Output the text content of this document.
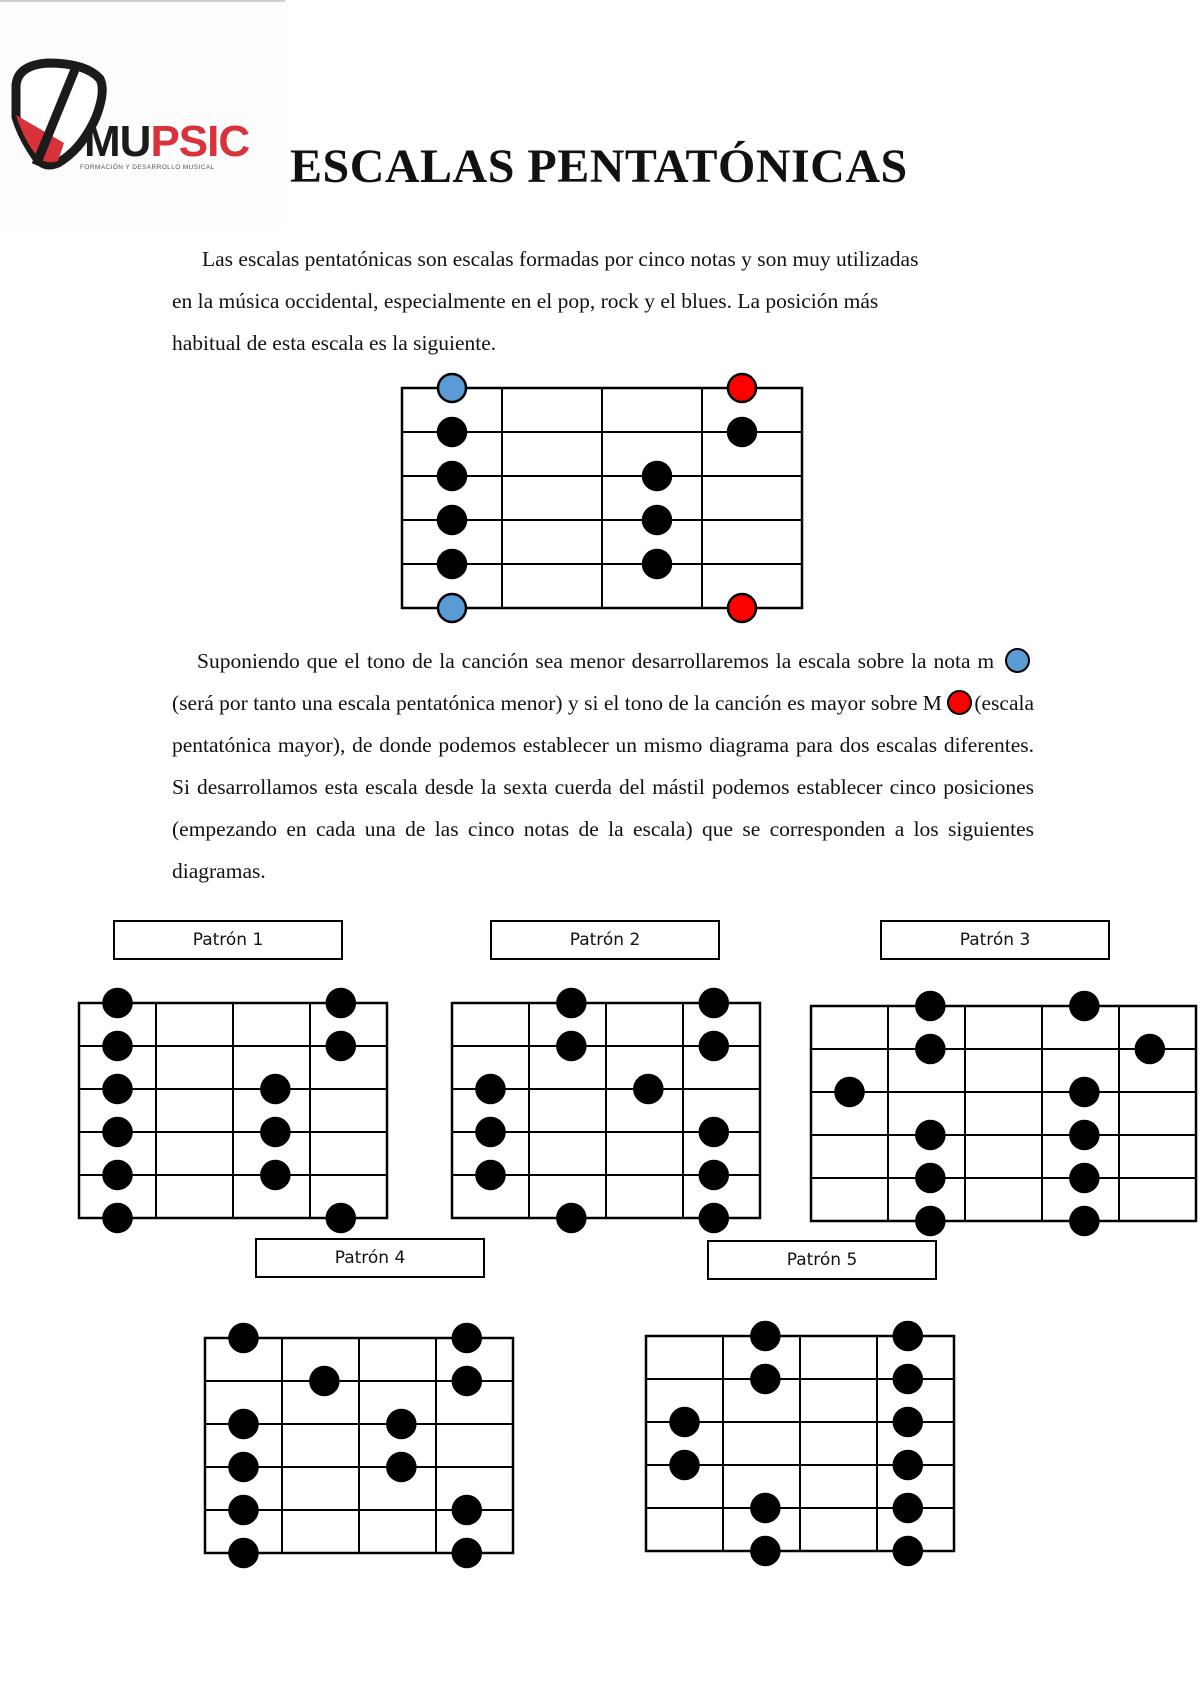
MUPSIC
FORMACIÓN Y DESARROLLO MUSICAL ESCALAS PENTATÓNICAS

Las escalas pentatónicas son escalas formadas por cinco notas y son muy utilizadas
en la música occidental, especialmente en el pop, rock y el blues. La posición más
habitual de esta escala es la siguiente.

Suponiendo que el tono de la canción sea menor desarrollaremos la escala sobre la nota m  (será por tanto una escala pentatónica menor) y si el tono de la canción es mayor sobre M (escala pentatónica mayor), de donde podemos establecer un mismo diagrama para dos escalas diferentes. Si desarrollamos esta escala desde la sexta cuerda del mástil podemos establecer cinco posiciones (empezando en cada una de las cinco notas de la escala) que se corresponden a los siguientes diagramas.

Patrón 1	Patrón 2	Patrón 3
Patrón 4	Patrón 5
